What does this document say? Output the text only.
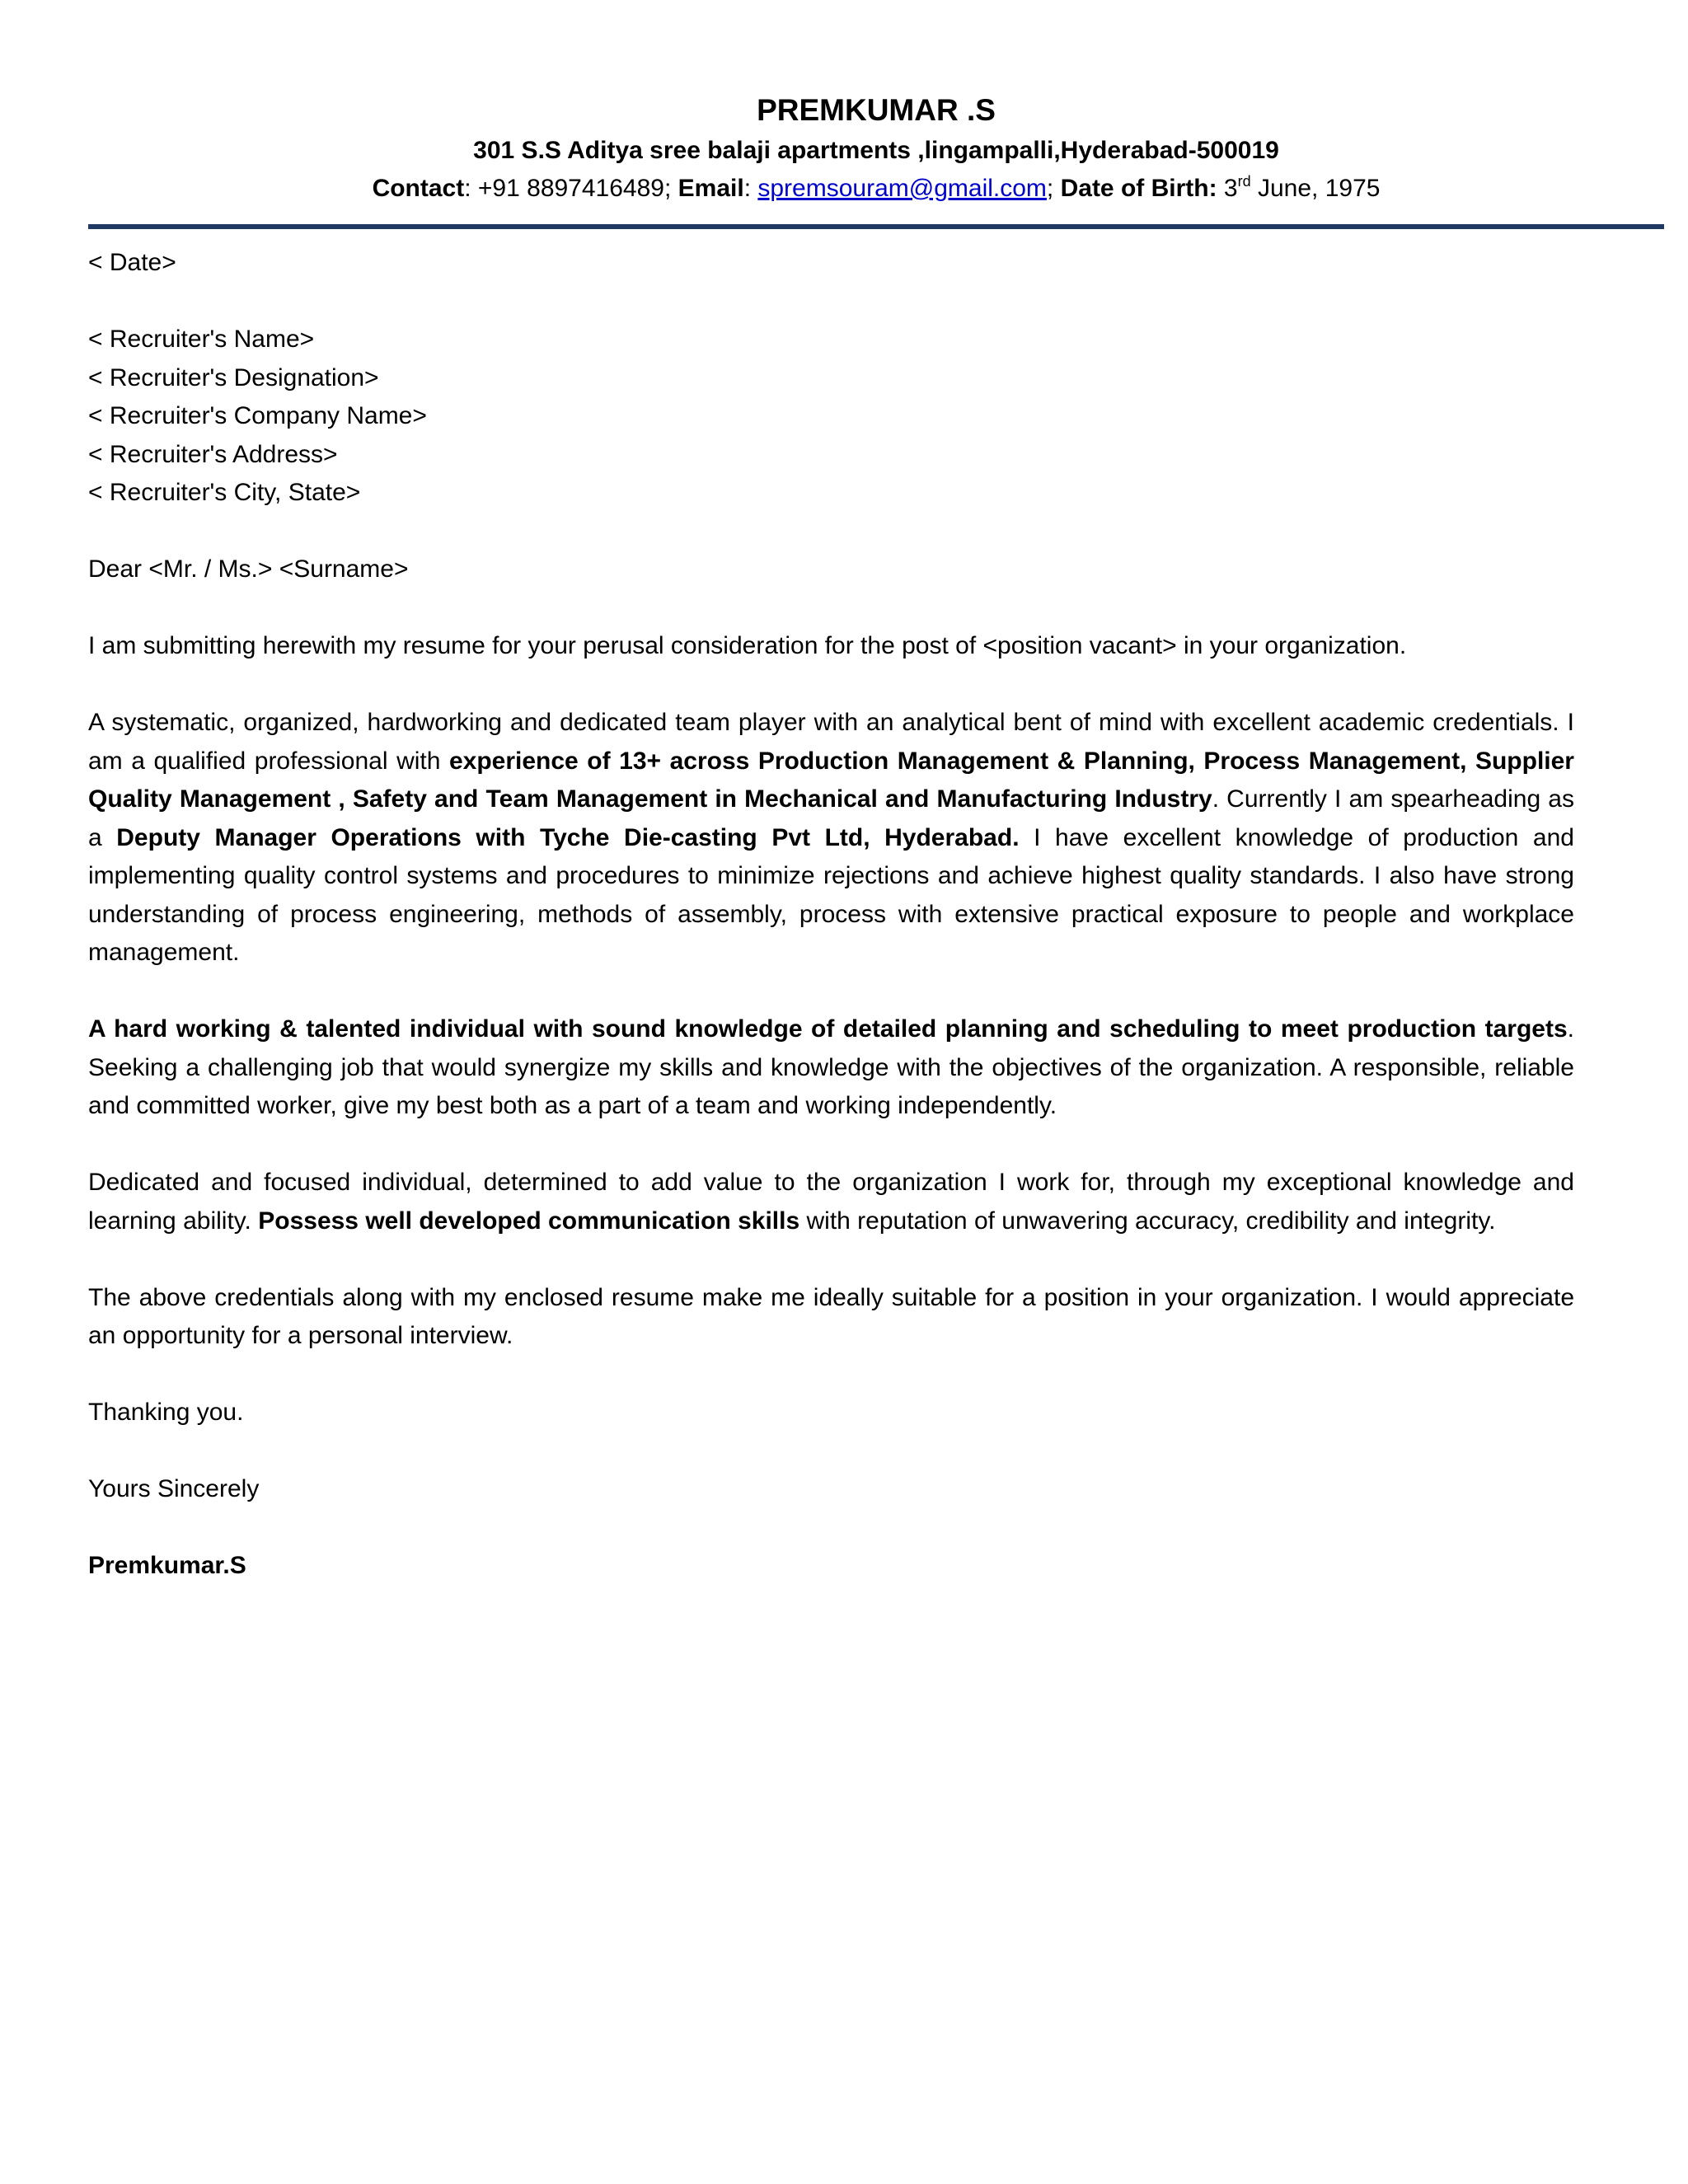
PREMKUMAR .S
301 S.S Aditya sree balaji apartments ,lingampalli,Hyderabad-500019
Contact: +91 8897416489; Email: spremsouram@gmail.com; Date of Birth: 3rd June, 1975

< Date>

< Recruiter's Name>
< Recruiter's Designation>
< Recruiter's Company Name>
< Recruiter's Address>
< Recruiter's City, State>

Dear <Mr. / Ms.> <Surname>

I am submitting herewith my resume for your perusal consideration for the post of <position vacant> in your organization.

A systematic, organized, hardworking and dedicated team player with an analytical bent of mind with excellent academic credentials. I am a qualified professional with experience of 13+ across Production Management & Planning, Process Management, Supplier Quality Management , Safety and Team Management in Mechanical and Manufacturing Industry. Currently I am spearheading as a Deputy Manager Operations with Tyche Die-casting Pvt Ltd, Hyderabad. I have excellent knowledge of production and implementing quality control systems and procedures to minimize rejections and achieve highest quality standards. I also have strong understanding of process engineering, methods of assembly, process with extensive practical exposure to people and workplace management.

A hard working & talented individual with sound knowledge of detailed planning and scheduling to meet production targets. Seeking a challenging job that would synergize my skills and knowledge with the objectives of the organization. A responsible, reliable and committed worker, give my best both as a part of a team and working independently.

Dedicated and focused individual, determined to add value to the organization I work for, through my exceptional knowledge and learning ability. Possess well developed communication skills with reputation of unwavering accuracy, credibility and integrity.

The above credentials along with my enclosed resume make me ideally suitable for a position in your organization. I would appreciate an opportunity for a personal interview.

Thanking you.

Yours Sincerely

Premkumar.S
